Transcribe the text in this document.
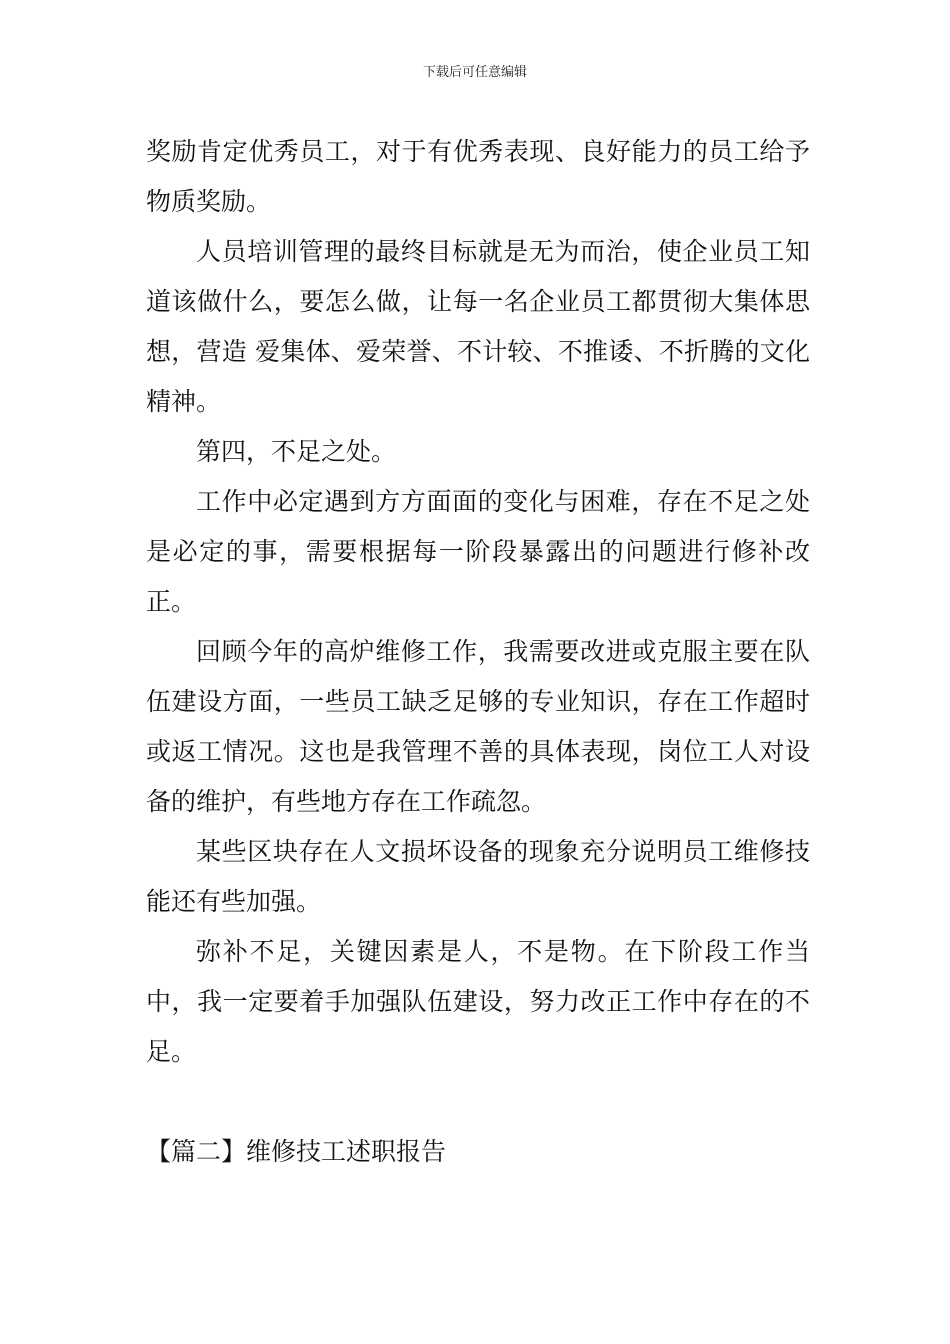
下载后可任意编辑

奖励肯定优秀员工，对于有优秀表现、良好能力的员工给予物质奖励。

人员培训管理的最终目标就是无为而治，使企业员工知道该做什么，要怎么做，让每一名企业员工都贯彻大集体思想，营造 爱集体、爱荣誉、不计较、不推诿、不折腾的文化精神。

第四，不足之处。

工作中必定遇到方方面面的变化与困难，存在不足之处是必定的事，需要根据每一阶段暴露出的问题进行修补改正。

回顾今年的高炉维修工作，我需要改进或克服主要在队伍建设方面，一些员工缺乏足够的专业知识，存在工作超时或返工情况。这也是我管理不善的具体表现，岗位工人对设备的维护，有些地方存在工作疏忽。

某些区块存在人文损坏设备的现象充分说明员工维修技能还有些加强。

弥补不足，关键因素是人，不是物。在下阶段工作当中，我一定要着手加强队伍建设，努力改正工作中存在的不足。

【篇二】维修技工述职报告
